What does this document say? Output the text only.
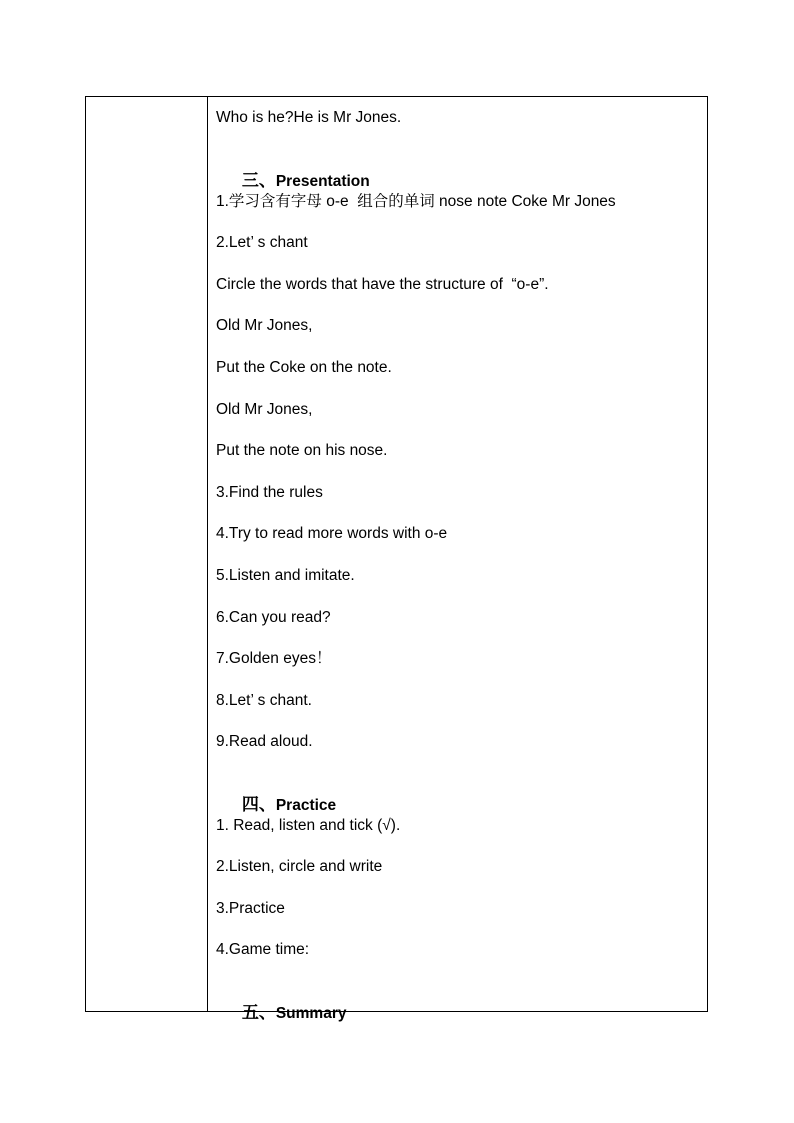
Who is he?He is Mr Jones.

三、Presentation

1.学习含有字母 o-e  组合的单词 nose note Coke Mr Jones
2.Let’ s chant
Circle the words that have the structure of  “o-e”.
Old Mr Jones,
Put the Coke on the note.
Old Mr Jones,
Put the note on his nose.
3.Find the rules
4.Try to read more words with o-e
5.Listen and imitate.
6.Can you read?
7.Golden eyes！
8.Let’ s chant.
9.Read aloud.

四、Practice

1. Read, listen and tick (√).
2.Listen, circle and write
3.Practice
4.Game time:

五、Summary
